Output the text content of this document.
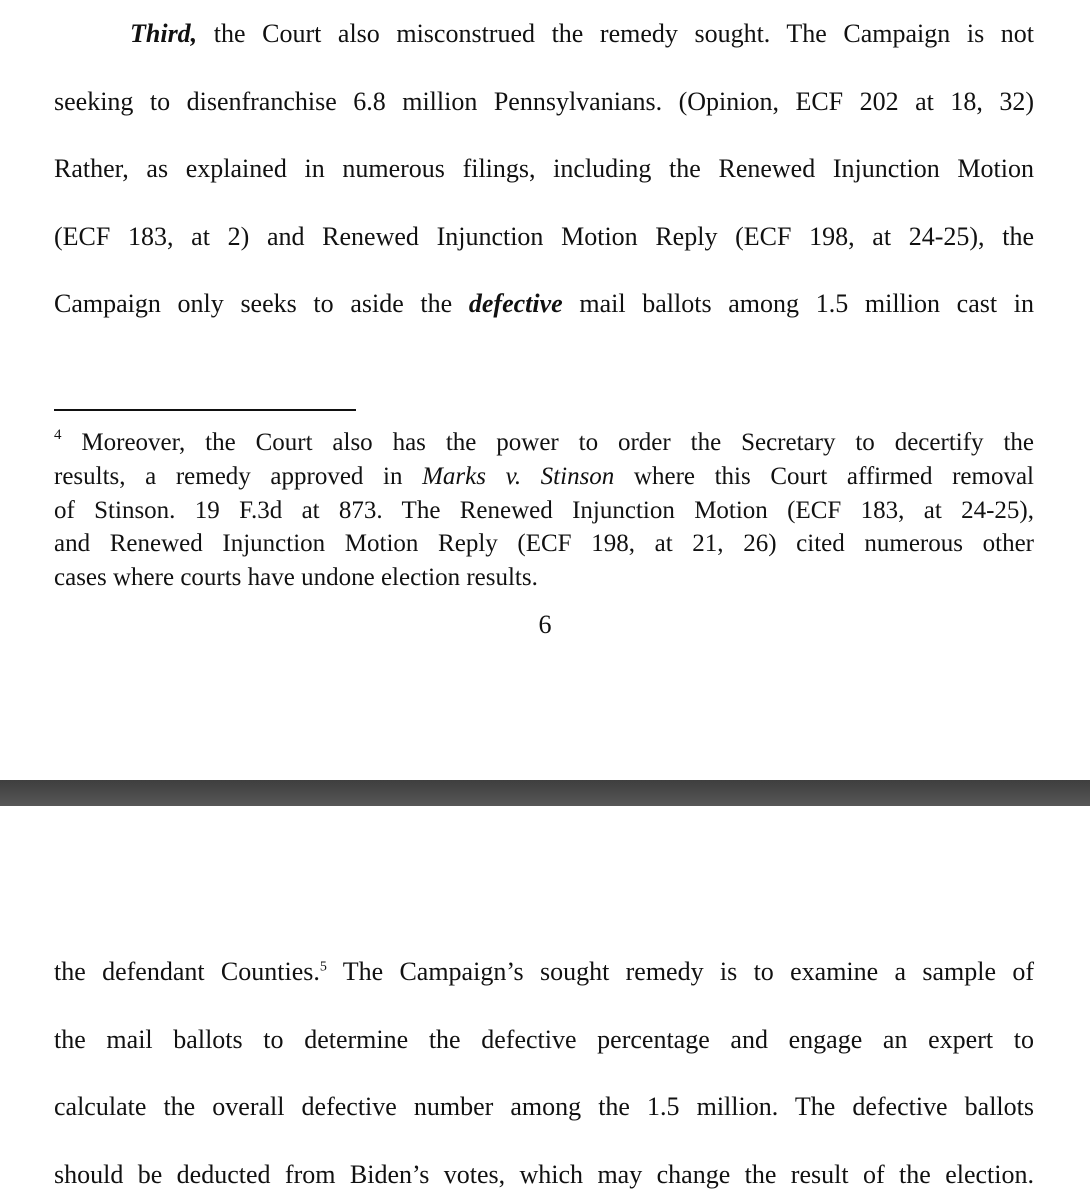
Third, the Court also misconstrued the remedy sought. The Campaign is not

seeking to disenfranchise 6.8 million Pennsylvanians. (Opinion, ECF 202 at 18, 32)

Rather, as explained in numerous filings, including the Renewed Injunction Motion

(ECF 183, at 2) and Renewed Injunction Motion Reply (ECF 198, at 24-25), the

Campaign only seeks to aside the defective mail ballots among 1.5 million cast in

$^4$ Moreover, the Court also has the power to order the Secretary to decertify the

results, a remedy approved in Marks v. Stinson where this Court affirmed removal

of Stinson. 19 F.3d at 873. The Renewed Injunction Motion (ECF 183, at 24-25),

and Renewed Injunction Motion Reply (ECF 198, at 21, 26) cited numerous other

cases where courts have undone election results.

6

the defendant Counties.$^5$ The Campaign’s sought remedy is to examine a sample of

the mail ballots to determine the defective percentage and engage an expert to

calculate the overall defective number among the 1.5 million. The defective ballots

should be deducted from Biden’s votes, which may change the result of the election.
